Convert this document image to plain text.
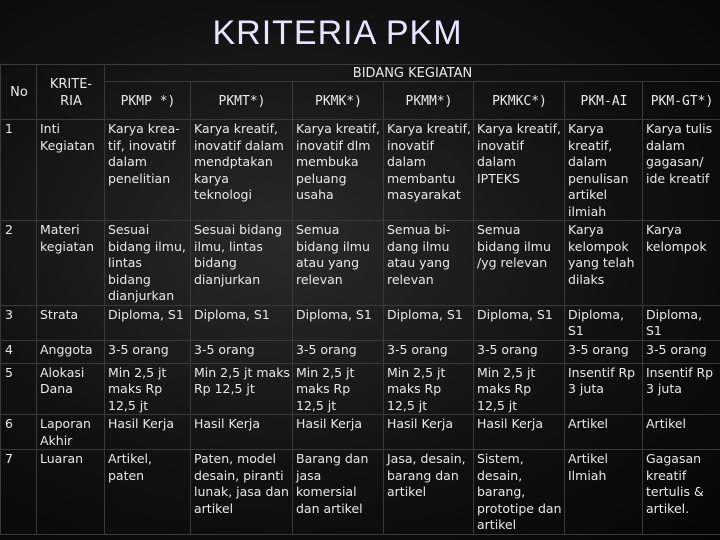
KRITERIA PKM
No	KRITE-RIA	BIDANG KEGIATAN						
		PKMP *)	PKMT*)	PKMK*)	PKMM*)	PKMKC*)	PKM-AI	PKM-GT*)
1	Inti Kegiatan	Karya krea-tif, inovatif dalam penelitian	Karya kreatif, inovatif dalam mendptakan karya teknologi	Karya kreatif, inovatif dlm membuka peluang usaha	Karya kreatif, inovatif dalam membantu masyarakat	Karya kreatif, inovatif dalam IPTEKS	Karya kreatif, dalam penulisan artikel ilmiah	Karya tulis dalam gagasan/ ide kreatif
2	Materi kegiatan	Sesuai bidang ilmu, lintas bidang dianjurkan	Sesuai bidang ilmu, lintas bidang dianjurkan	Semua bidang ilmu atau yang relevan	Semua bi-dang ilmu atau yang relevan	Semua bidang ilmu /yg relevan	Karya kelompok yang telah dilaks	Karya kelompok
3	Strata	Diploma, S1	Diploma, S1	Diploma, S1	Diploma, S1	Diploma, S1	Diploma, S1	Diploma, S1
4	Anggota	3-5 orang	3-5 orang	3-5 orang	3-5 orang	3-5 orang	3-5 orang	3-5 orang
5	Alokasi Dana	Min 2,5 jt maks Rp 12,5 jt	Min 2,5 jt maks Rp 12,5 jt	Min 2,5 jt maks Rp 12,5 jt	Min 2,5 jt maks Rp 12,5 jt	Min 2,5 jt maks Rp 12,5 jt	Insentif Rp 3 juta	Insentif Rp 3 juta
6	Laporan Akhir	Hasil Kerja	Hasil Kerja	Hasil Kerja	Hasil Kerja	Hasil Kerja	Artikel	Artikel
7	Luaran	Artikel, paten	Paten, model desain, piranti lunak, jasa dan artikel	Barang dan jasa komersial dan artikel	Jasa, desain, barang dan artikel	Sistem, desain, barang, prototipe dan artikel	Artikel Ilmiah	Gagasan kreatif tertulis & artikel.
